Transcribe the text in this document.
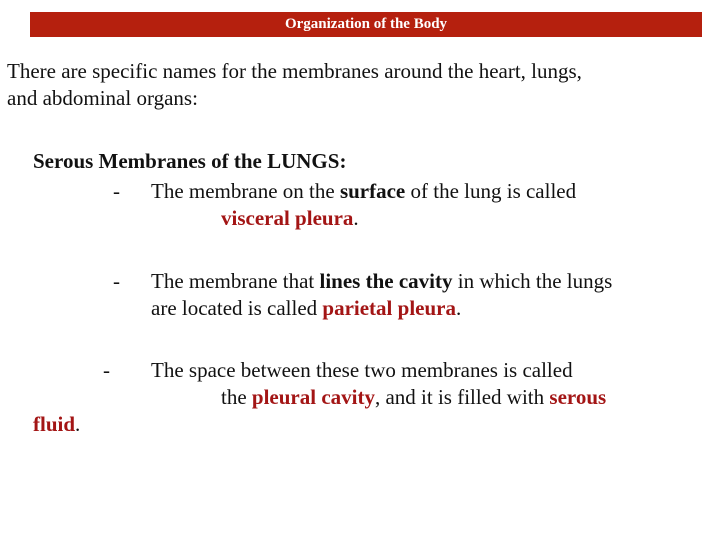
Organization of the Body
There are specific names for the membranes around the heart, lungs,
and abdominal organs:
Serous Membranes of the LUNGS:
- The membrane on the surface of the lung is called
visceral pleura.
- The membrane that lines the cavity in which the lungs
are located is called parietal pleura.
- The space between these two membranes is called
the pleural cavity, and it is filled with serous
fluid.
